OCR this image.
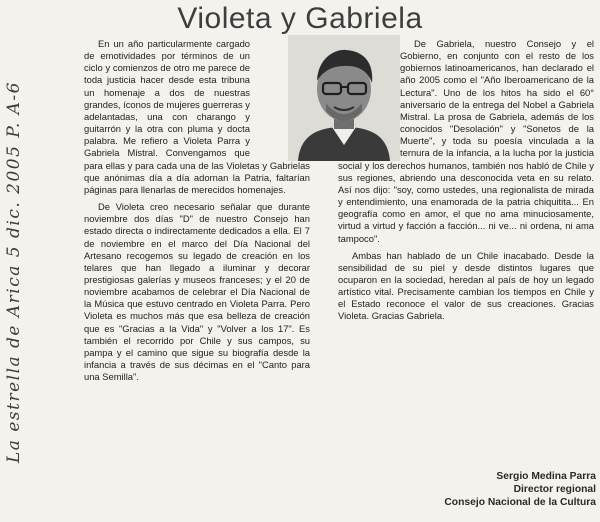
Violeta y Gabriela
La estrella de Arica 5 dic. 2005 P. A-6

En un año particularmente cargado de emotividades por términos de un ciclo y comienzos de otro me parece de toda justicia hacer desde esta tribuna un homenaje a dos de nuestras grandes, íconos de mujeres guerreras y adelantadas, una con charango y guitarrón y la otra con pluma y docta palabra. Me refiero a Violeta Parra y Gabriela Mistral. Convengamos que para ellas y para cada una de las Violetas y Gabrielas que anónimas día a día adornan la Patria, faltarían páginas para llenarlas de merecidos homenajes.

De Violeta creo necesario señalar que durante noviembre dos días "D" de nuestro Consejo han estado directa o indirectamente dedicados a ella. El 7 de noviembre en el marco del Día Nacional del Artesano recogemos su legado de creación en los telares que han llegado a iluminar y decorar prestigiosas galerías y museos franceses; y el 20 de noviembre acabamos de celebrar el Día Nacional de la Música que estuvo centrado en Violeta Parra. Pero Violeta es muchos más que esa belleza de creación que es "Gracias a la Vida" y "Volver a los 17". Es también el recorrido por Chile y sus campos, su pampa y el camino que sigue su biografía desde la infancia a través de sus décimas en el "Canto para una Semilla".

De Gabriela, nuestro Consejo y el Gobierno, en conjunto con el resto de los gobiernos latinoamericanos, han declarado el año 2005 como el "Año Iberoamericano de la Lectura". Uno de los hitos ha sido el 60° aniversario de la entrega del Nobel a Gabriela Mistral. La prosa de Gabriela, además de los conocidos "Desolación" y "Sonetos de la Muerte", y toda su poesía vinculada a la ternura de la infancia, a la lucha por la justicia social y los derechos humanos, también nos habló de Chile y sus regiones, abriendo una desconocida veta en su relato. Así nos dijo: "soy, como ustedes, una regionalista de mirada y entendimiento, una enamorada de la patria chiquitita... En geografía como en amor, el que no ama minuciosamente, virtud a virtud y facción a facción... ni ve... ni ordena, ni ama tampoco".

Ambas han hablado de un Chile inacabado. Desde la sensibilidad de su piel y desde distintos lugares que ocuparon en la sociedad, heredan al país de hoy un legado artístico vital. Precisamente cambian los tiempos en Chile y el Estado reconoce el valor de sus creaciones. Gracias Violeta. Gracias Gabriela.

Sergio Medina Parra
Director regional
Consejo Nacional de la Cultura
